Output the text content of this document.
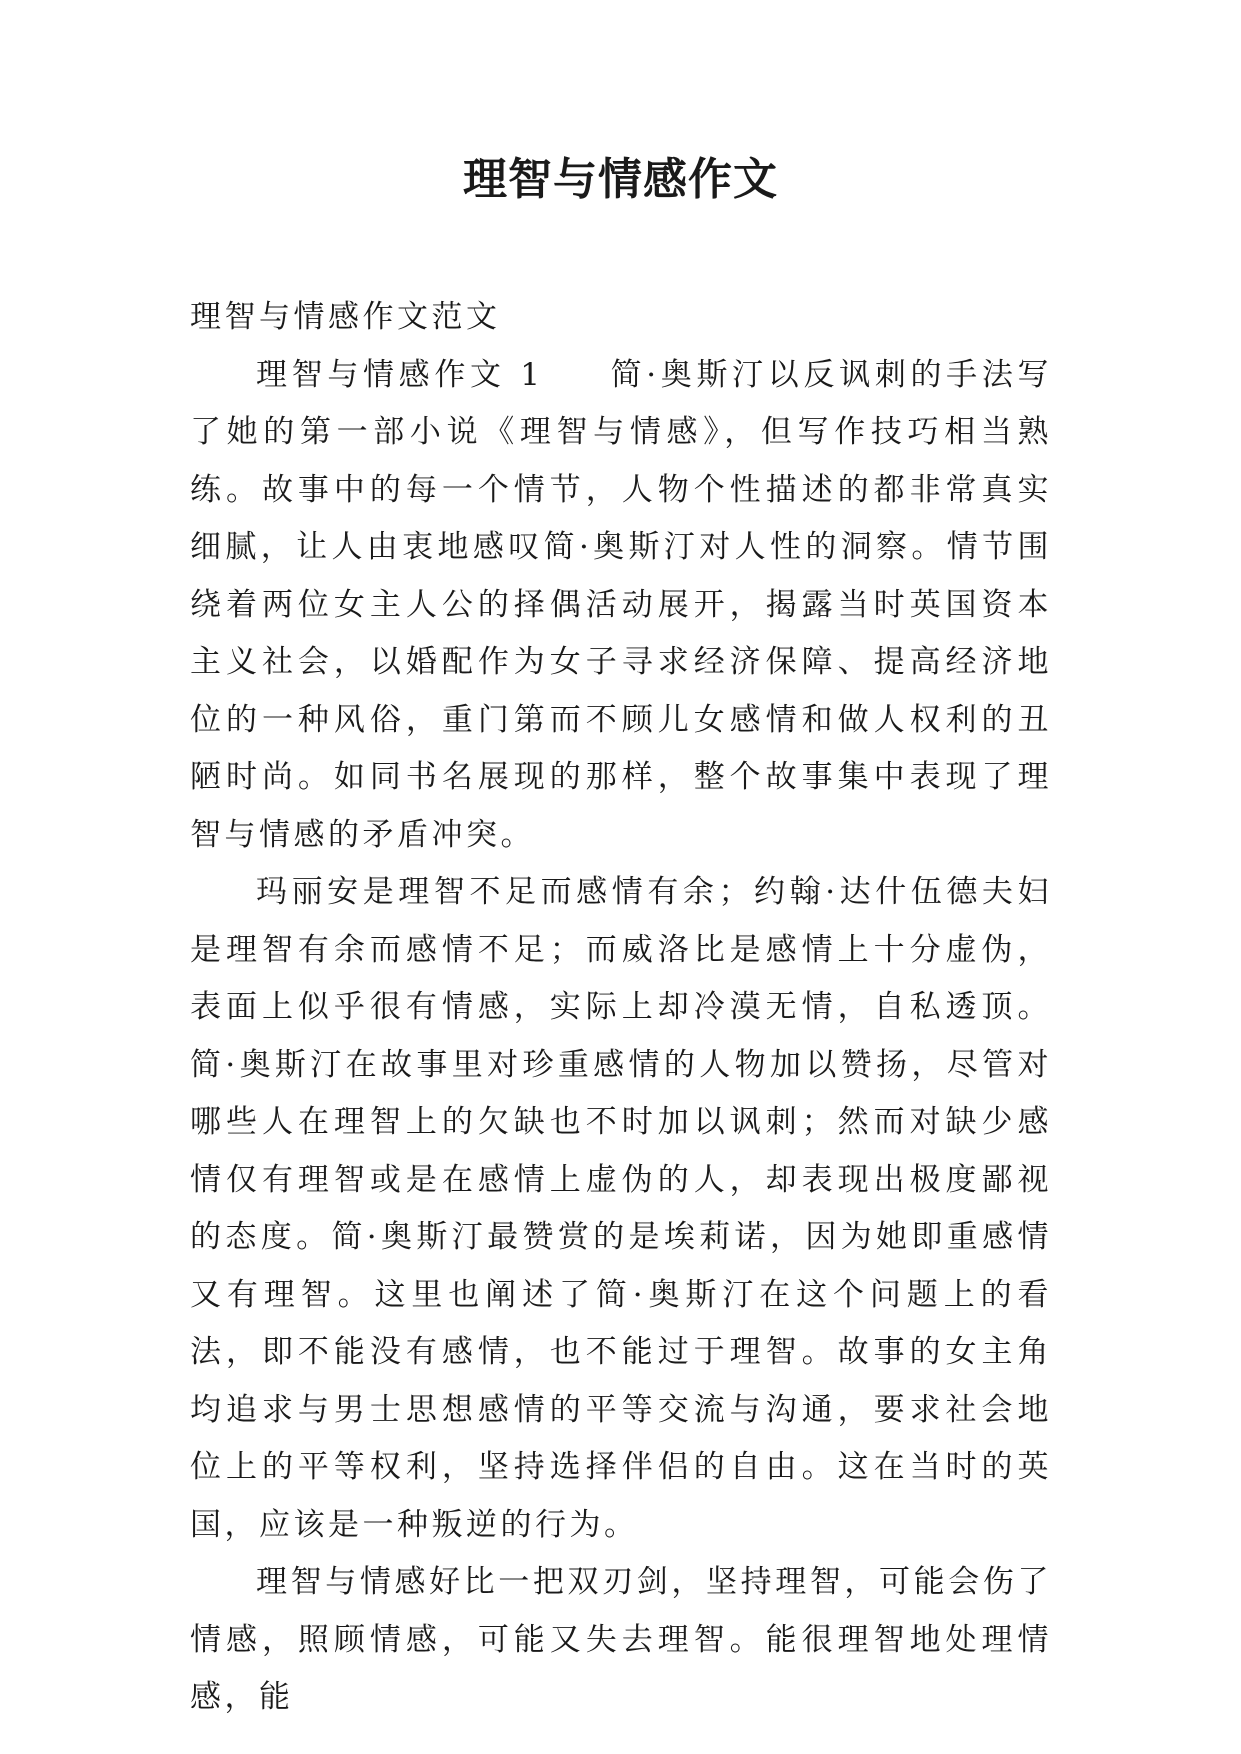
理智与情感作文

理智与情感作文范文

理智与情感作文 1 简·奥斯汀以反讽刺的手法写了她的第一部小说《理智与情感》，但写作技巧相当熟练。故事中的每一个情节，人物个性描述的都非常真实细腻，让人由衷地感叹简·奥斯汀对人性的洞察。情节围绕着两位女主人公的择偶活动展开，揭露当时英国资本主义社会，以婚配作为女子寻求经济保障、提高经济地位的一种风俗，重门第而不顾儿女感情和做人权利的丑陋时尚。如同书名展现的那样，整个故事集中表现了理智与情感的矛盾冲突。

玛丽安是理智不足而感情有余；约翰·达什伍德夫妇是理智有余而感情不足；而威洛比是感情上十分虚伪，表面上似乎很有情感，实际上却冷漠无情，自私透顶。简·奥斯汀在故事里对珍重感情的人物加以赞扬，尽管对哪些人在理智上的欠缺也不时加以讽刺；然而对缺少感情仅有理智或是在感情上虚伪的人，却表现出极度鄙视的态度。简·奥斯汀最赞赏的是埃莉诺，因为她即重感情又有理智。这里也阐述了简·奥斯汀在这个问题上的看法，即不能没有感情，也不能过于理智。故事的女主角均追求与男士思想感情的平等交流与沟通，要求社会地位上的平等权利，坚持选择伴侣的自由。这在当时的英国，应该是一种叛逆的行为。

理智与情感好比一把双刃剑，坚持理智，可能会伤了情感，照顾情感，可能又失去理智。能很理智地处理情感，能
